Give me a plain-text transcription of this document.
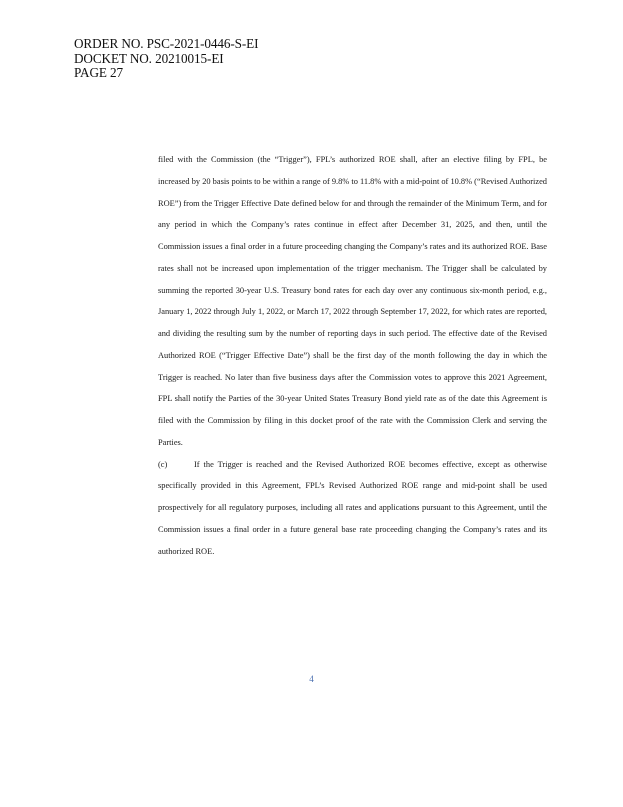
ORDER NO. PSC-2021-0446-S-EI
DOCKET NO. 20210015-EI
PAGE 27

filed with the Commission (the “Trigger”), FPL’s authorized ROE shall, after an elective filing by FPL, be increased by 20 basis points to be within a range of 9.8% to 11.8% with a mid-point of 10.8% (“Revised Authorized ROE”) from the Trigger Effective Date defined below for and through the remainder of the Minimum Term, and for any period in which the Company’s rates continue in effect after December 31, 2025, and then, until the Commission issues a final order in a future proceeding changing the Company’s rates and its authorized ROE. Base rates shall not be increased upon implementation of the trigger mechanism. The Trigger shall be calculated by summing the reported 30-year U.S. Treasury bond rates for each day over any continuous six-month period, e.g., January 1, 2022 through July 1, 2022, or March 17, 2022 through September 17, 2022, for which rates are reported, and dividing the resulting sum by the number of reporting days in such period. The effective date of the Revised Authorized ROE (“Trigger Effective Date”) shall be the first day of the month following the day in which the Trigger is reached. No later than five business days after the Commission votes to approve this 2021 Agreement, FPL shall notify the Parties of the 30-year United States Treasury Bond yield rate as of the date this Agreement is filed with the Commission by filing in this docket proof of the rate with the Commission Clerk and serving the Parties.

(c)	If the Trigger is reached and the Revised Authorized ROE becomes effective, except as otherwise specifically provided in this Agreement, FPL’s Revised Authorized ROE range and mid-point shall be used prospectively for all regulatory purposes, including all rates and applications pursuant to this Agreement, until the Commission issues a final order in a future general base rate proceeding changing the Company’s rates and its authorized ROE.

4
